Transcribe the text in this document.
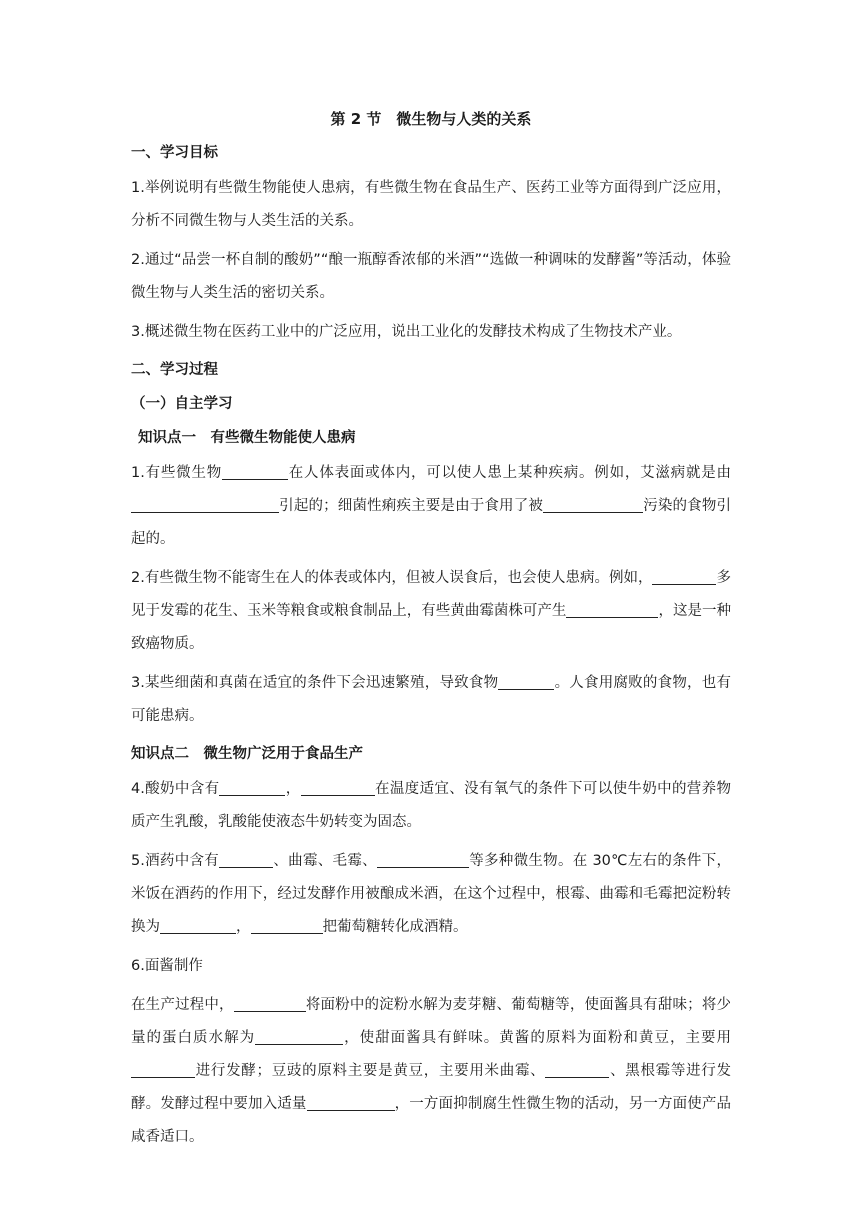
第 2 节　微生物与人类的关系
一、学习目标

1.举例说明有些微生物能使人患病，有些微生物在食品生产、医药工业等方面得到广泛应用，分析不同微生物与人类生活的关系。

2.通过“品尝一杯自制的酸奶”“酿一瓶醇香浓郁的米酒”“选做一种调味的发酵酱”等活动，体验微生物与人类生活的密切关系。

3.概述微生物在医药工业中的广泛应用，说出工业化的发酵技术构成了生物技术产业。

二、学习过程
（一）自主学习
知识点一　有些微生物能使人患病

1.有些微生物	在人体表面或体内，可以使人患上某种疾病。例如，艾滋病就是由引起的；细菌性痢疾主要是由于食用了被	污染的食物引起的。

2.有些微生物不能寄生在人的体表或体内，但被人误食后，也会使人患病。例如，	多见于发霉的花生、玉米等粮食或粮食制品上，有些黄曲霉菌株可产生	，这是一种致癌物质。

3.某些细菌和真菌在适宜的条件下会迅速繁殖，导致食物	。人食用腐败的食物，也有可能患病。

知识点二　微生物广泛用于食品生产

4.酸奶中含有	，	在温度适宜、没有氧气的条件下可以使牛奶中的营养物质产生乳酸，乳酸能使液态牛奶转变为固态。

5.酒药中含有	、曲霉、毛霉、	等多种微生物。在 30℃左右的条件下，米饭在酒药的作用下，经过发酵作用被酿成米酒，在这个过程中，根霉、曲霉和毛霉把淀粉转换为	，	把葡萄糖转化成酒精。

6.面酱制作

在生产过程中，	将面粉中的淀粉水解为麦芽糖、葡萄糖等，使面酱具有甜味；将少量的蛋白质水解为	，使甜面酱具有鲜味。黄酱的原料为面粉和黄豆，主要用进行发酵；豆豉的原料主要是黄豆，主要用米曲霉、	、黑根霉等进行发酵。发酵过程中要加入适量	，一方面抑制腐生性微生物的活动，另一方面使产品咸香适口。
